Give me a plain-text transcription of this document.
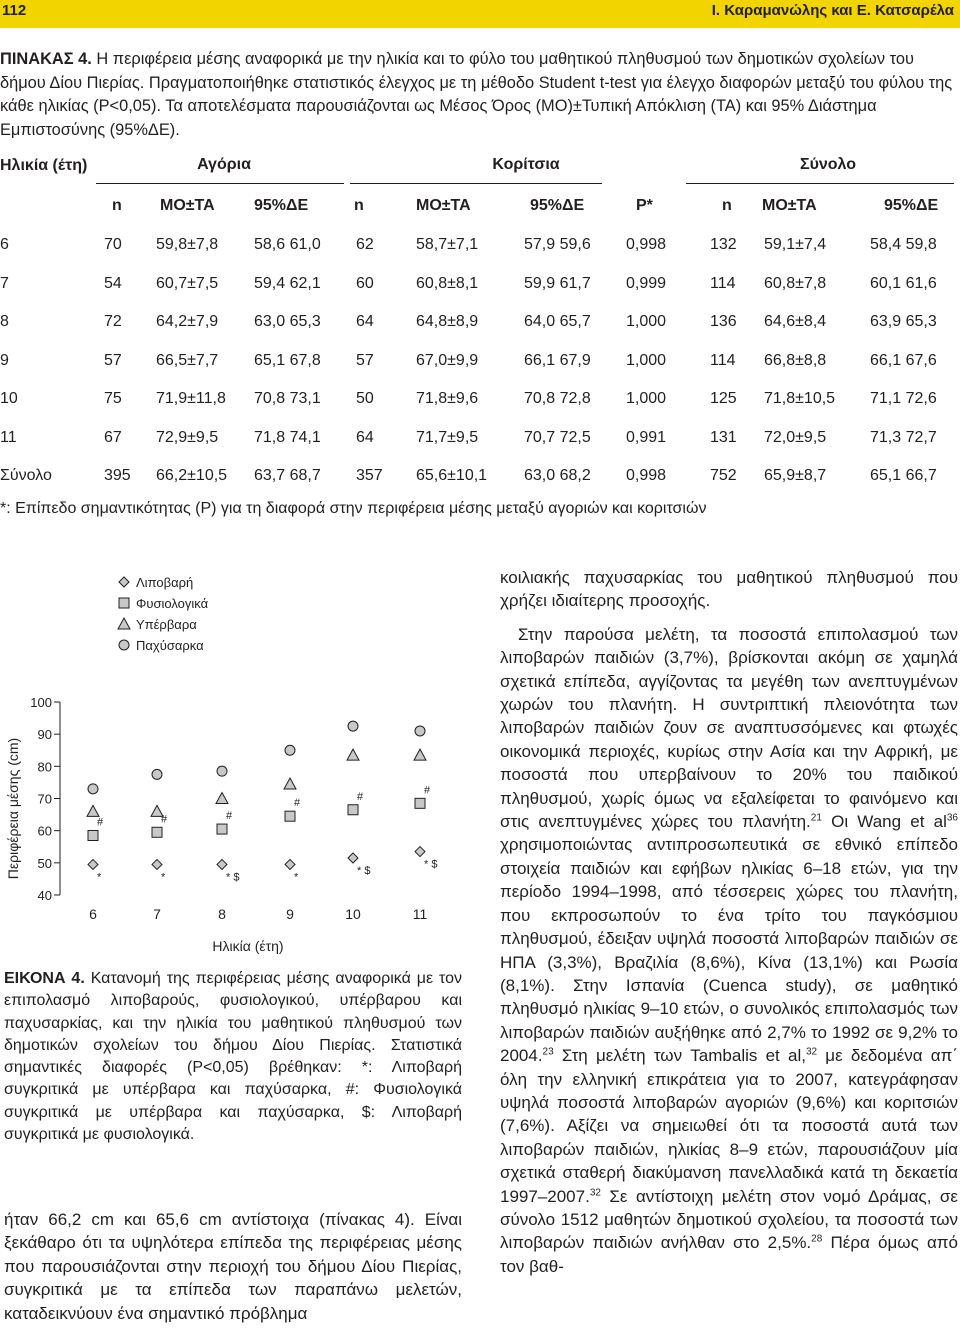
112	I. Καραμανώλης και Ε. Κατσαρέλα
ΠΙΝΑΚΑΣ 4. Η περιφέρεια μέσης αναφορικά με την ηλικία και το φύλο του μαθητικού πληθυσμού των δημοτικών σχολείων του δήμου Δίου Πιερίας. Πραγματοποιήθηκε στατιστικός έλεγχος με τη μέθοδο Student t-test για έλεγχο διαφορών μεταξύ του φύλου της κάθε ηλικίας (P<0,05). Τα αποτελέσματα παρουσιάζονται ως Μέσος Όρος (ΜΟ)±Τυπική Απόκλιση (ΤΑ) και 95% Διάστημα Εμπιστοσύνης (95%ΔΕ).
Ηλικία (έτη)	Αγόρια			Κορίτσια				Σύνολο		
	n	ΜΟ±ΤΑ	95%ΔΕ	n	ΜΟ±ΤΑ	95%ΔΕ	P*	n	ΜΟ±ΤΑ	95%ΔΕ
6	70	59,8±7,8	58,6 61,0	62	58,7±7,1	57,9 59,6	0,998	132	59,1±7,4	58,4 59,8
7	54	60,7±7,5	59,4 62,1	60	60,8±8,1	59,9 61,7	0,999	114	60,8±7,8	60,1 61,6
8	72	64,2±7,9	63,0 65,3	64	64,8±8,9	64,0 65,7	1,000	136	64,6±8,4	63,9 65,3
9	57	66,5±7,7	65,1 67,8	57	67,0±9,9	66,1 67,9	1,000	114	66,8±8,8	66,1 67,6
10	75	71,9±11,8	70,8 73,1	50	71,8±9,6	70,8 72,8	1,000	125	71,8±10,5	71,1 72,6
11	67	72,9±9,5	71,8 74,1	64	71,7±9,5	70,7 72,5	0,991	131	72,0±9,5	71,3 72,7
Σύνολο	395	66,2±10,5	63,7 68,7	357	65,6±10,1	63,0 68,2	0,998	752	65,9±8,7	65,1 66,7
*: Επίπεδο σημαντικότητας (P) για τη διαφορά στην περιφέρεια μέσης μεταξύ αγοριών και κοριτσιών
40
50
60
70
80
90
100
Περιφέρεια μέσης (cm)
6	7	8	9	10	11
Ηλικία (έτη)
Λιποβαρή
Φυσιολογικά
Υπέρβαρα
Παχύσαρκα
#
*
#
*
#
* $
#
*
#
* $
#
* $
ΕΙΚΟΝΑ 4. Κατανομή της περιφέρειας μέσης αναφορικά με τον επιπολασμό λιποβαρούς, φυσιολογικού, υπέρβαρου και παχυσαρκίας, και την ηλικία του μαθητικού πληθυσμού των δημοτικών σχολείων του δήμου Δίου Πιερίας. Στατιστικά σημαντικές διαφορές (P<0,05) βρέθηκαν: *: Λιποβαρή συγκριτικά με υπέρβαρα και παχύσαρκα, #: Φυσιολογικά συγκριτικά με υπέρβαρα και παχύσαρκα, $: Λιποβαρή συγκριτικά με φυσιολογικά.
ήταν 66,2 cm και 65,6 cm αντίστοιχα (πίνακας 4). Είναι ξεκάθαρο ότι τα υψηλότερα επίπεδα της περιφέρειας μέσης που παρουσιάζονται στην περιοχή του δήμου Δίου Πιερίας, συγκριτικά με τα επίπεδα των παραπάνω μελετών, καταδεικνύουν ένα σημαντικό πρόβλημα

κοιλιακής παχυσαρκίας του μαθητικού πληθυσμού που χρήζει ιδιαίτερης προσοχής.

Στην παρούσα μελέτη, τα ποσοστά επιπολασμού των λιποβαρών παιδιών (3,7%), βρίσκονται ακόμη σε χαμηλά σχετικά επίπεδα, αγγίζοντας τα μεγέθη των ανεπτυγμένων χωρών του πλανήτη. Η συντριπτική πλειονότητα των λιποβαρών παιδιών ζουν σε αναπτυσσόμενες και φτωχές οικονομικά περιοχές, κυρίως στην Ασία και την Αφρική, με ποσοστά που υπερβαίνουν το 20% του παιδικού πληθυσμού, χωρίς όμως να εξαλείφεται το φαινόμενο και στις ανεπτυγμένες χώρες του πλανήτη.$^{21}$ Οι Wang et $al^{36}$ χρησιμοποιώντας αντιπροσωπευτικά σε εθνικό επίπεδο στοιχεία παιδιών και εφήβων ηλικίας 6–18 ετών, για την περίοδο 1994–1998, από τέσσερεις χώρες του πλανήτη, που εκπροσωπούν το ένα τρίτο του παγκόσμιου πληθυσμού, έδειξαν υψηλά ποσοστά λιποβαρών παιδιών σε ΗΠΑ (3,3%), Βραζιλία (8,6%), Κίνα (13,1%) και Ρωσία (8,1%). Στην Ισπανία (Cuenca study), σε μαθητικό πληθυσμό ηλικίας 9–10 ετών, ο συνολικός επιπολασμός των λιποβαρών παιδιών αυξήθηκε από 2,7% το 1992 σε 9,2% το 2004.23 Στη μελέτη των Tambalis et al,$^{32}$ με δεδομένα απ΄ όλη την ελληνική επικράτεια για το 2007, κατεγράφησαν υψηλά ποσοστά λιποβαρών αγοριών (9,6%) και κοριτσιών (7,6%). Αξίζει να σημειωθεί ότι τα ποσοστά αυτά των λιποβαρών παιδιών, ηλικίας 8–9 ετών, παρουσιάζουν μία σχετικά σταθερή διακύμανση πανελλαδικά κατά τη δεκαετία 1997–2007.32 Σε αντίστοιχη μελέτη στον νομό Δράμας, σε σύνολο 1512 μαθητών δημοτικού σχολείου, τα ποσοστά των λιποβαρών παιδιών ανήλθαν στο 2,5%.$^{28}$ Πέρα όμως από τον βαθ-
